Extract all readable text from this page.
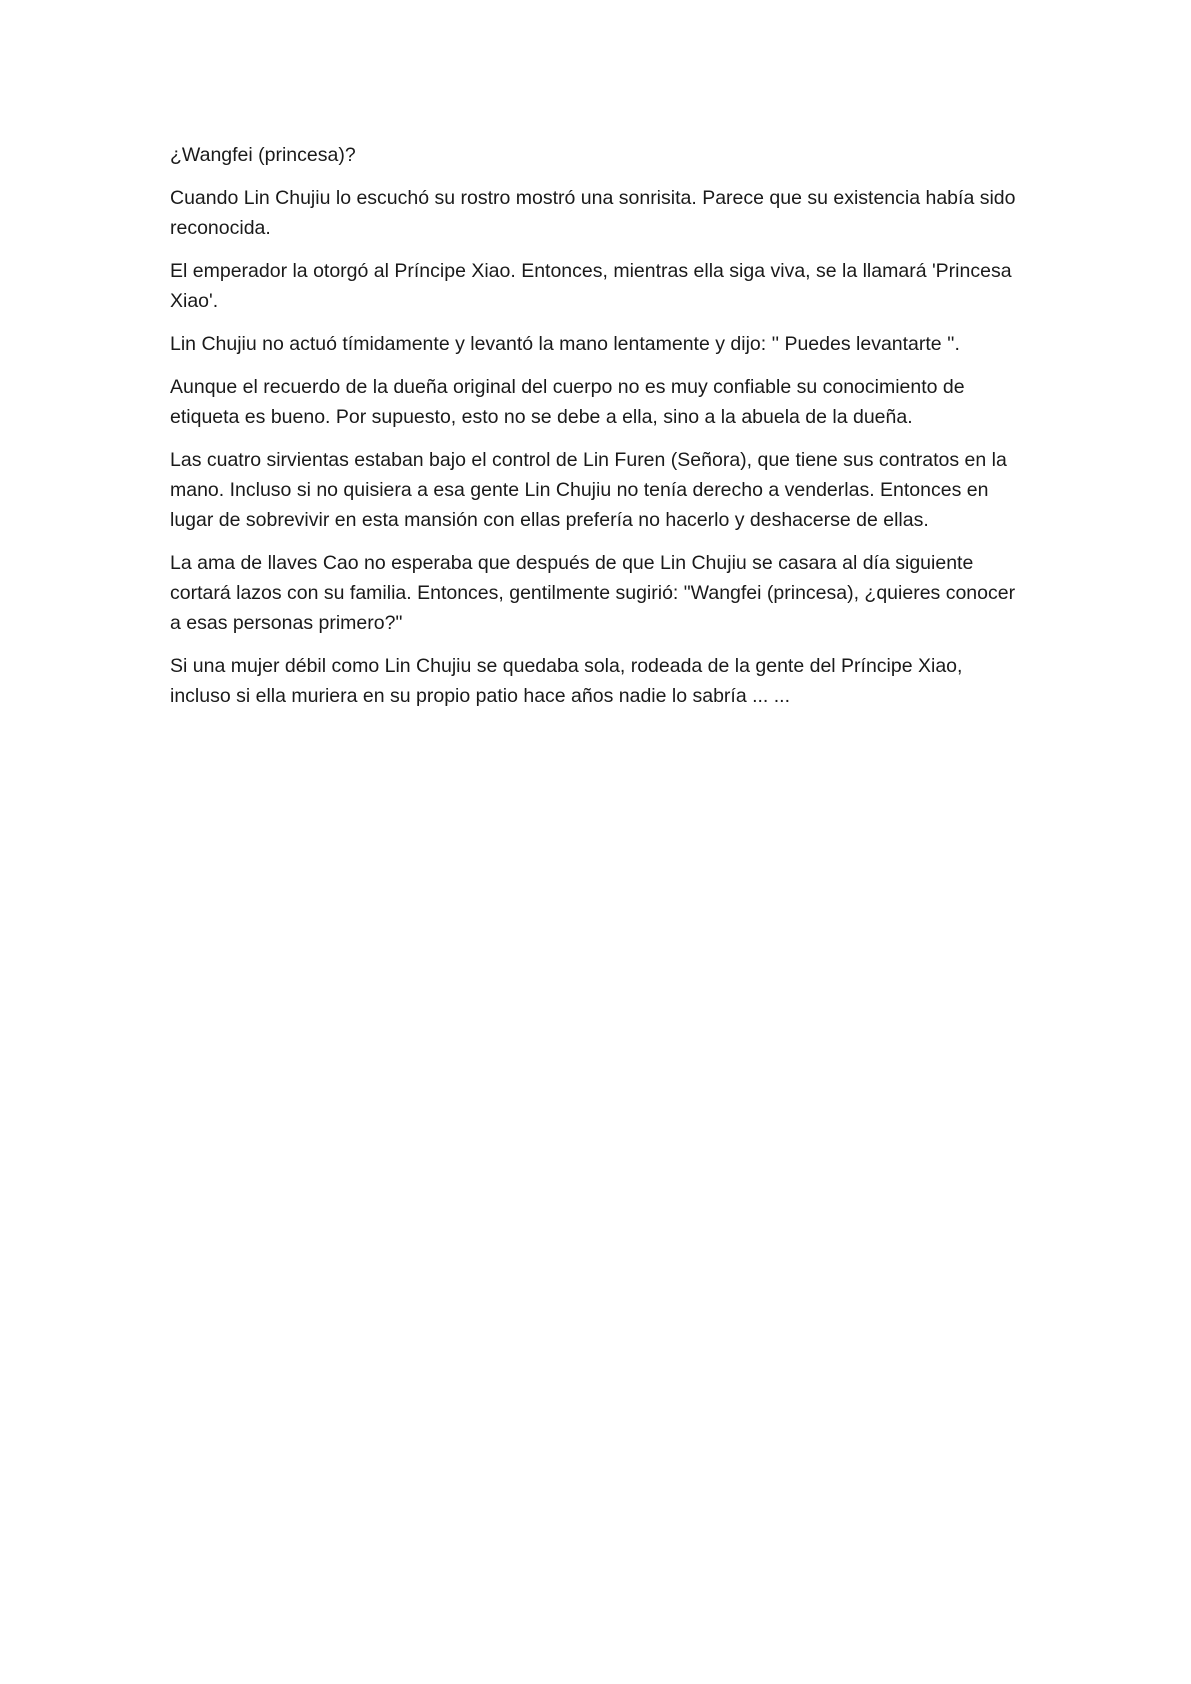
¿Wangfei (princesa)?

Cuando Lin Chujiu lo escuchó su rostro mostró una sonrisita. Parece que su existencia había sido reconocida.

El emperador la otorgó al Príncipe Xiao. Entonces, mientras ella siga viva, se la llamará 'Princesa Xiao'.

Lin Chujiu no actuó tímidamente y levantó la mano lentamente y dijo: '' Puedes levantarte ''.

Aunque el recuerdo de la dueña original del cuerpo no es muy confiable su conocimiento de etiqueta es bueno. Por supuesto, esto no se debe a ella, sino a la abuela de la dueña.

Las cuatro sirvientas estaban bajo el control de Lin Furen (Señora), que tiene sus contratos en la mano. Incluso si no quisiera a esa gente Lin Chujiu no tenía derecho a venderlas. Entonces en lugar de sobrevivir en esta mansión con ellas prefería no hacerlo y deshacerse de ellas.

La ama de llaves Cao no esperaba que después de que Lin Chujiu se casara al día siguiente cortará lazos con su familia. Entonces, gentilmente sugirió: "Wangfei (princesa), ¿quieres conocer a esas personas primero?"

Si una mujer débil como Lin Chujiu se quedaba sola, rodeada de la gente del Príncipe Xiao, incluso si ella muriera en su propio patio hace años nadie lo sabría ... ...
